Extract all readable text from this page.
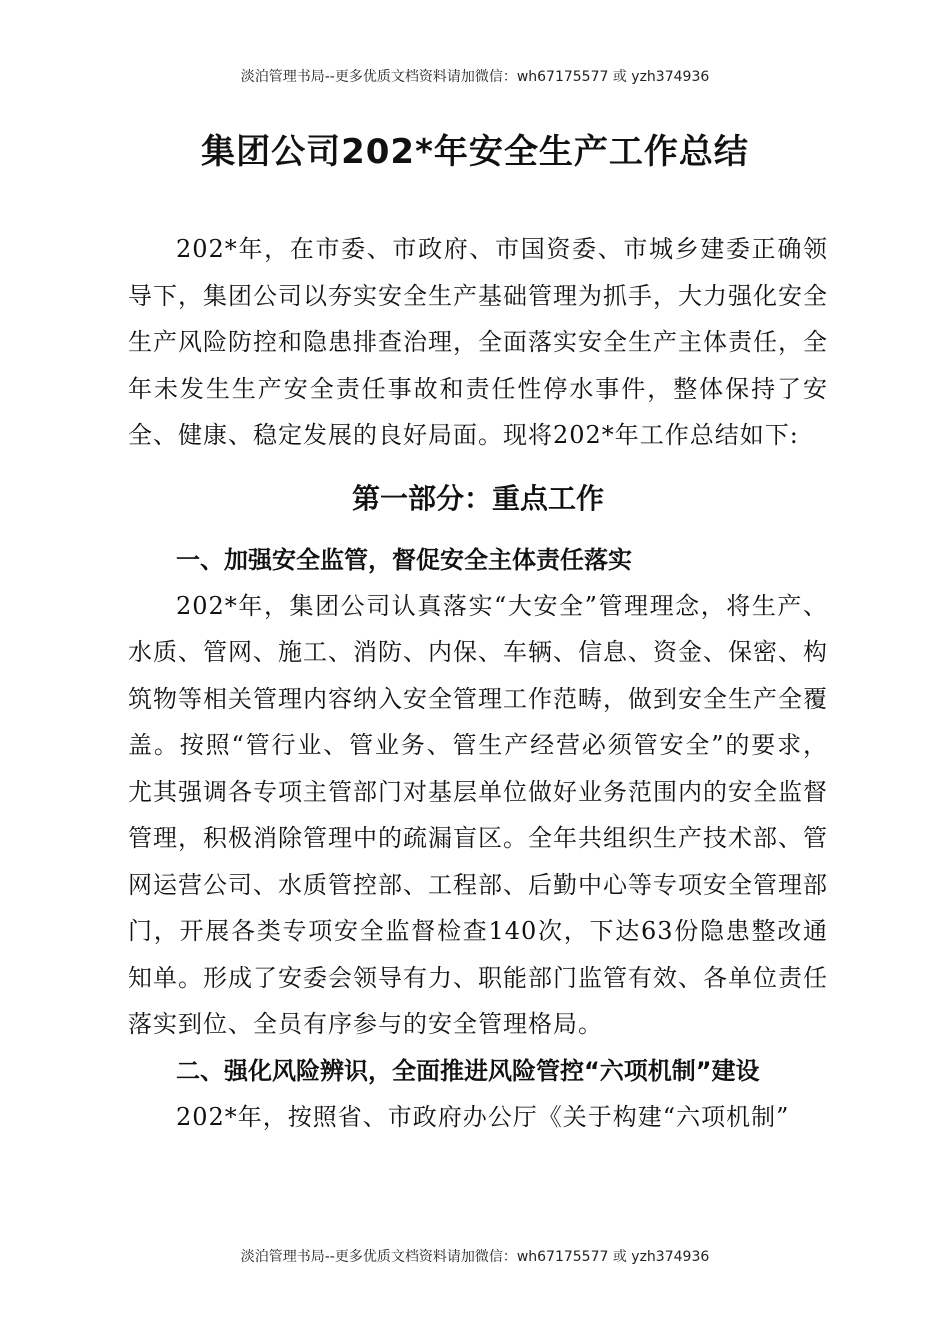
淡泊管理书局--更多优质文档资料请加微信：wh67175577 或 yzh374936
集团公司202*年安全生产工作总结

202*年，在市委、市政府、市国资委、市城乡建委正确领导下，集团公司以夯实安全生产基础管理为抓手，大力强化安全生产风险防控和隐患排查治理，全面落实安全生产主体责任，全年未发生生产安全责任事故和责任性停水事件，整体保持了安全、健康、稳定发展的良好局面。现将202*年工作总结如下:

第一部分：重点工作

一、加强安全监管，督促安全主体责任落实

202*年，集团公司认真落实“大安全”管理理念，将生产、水质、管网、施工、消防、内保、车辆、信息、资金、保密、构筑物等相关管理内容纳入安全管理工作范畴，做到安全生产全覆盖。按照“管行业、管业务、管生产经营必须管安全”的要求，尤其强调各专项主管部门对基层单位做好业务范围内的安全监督管理，积极消除管理中的疏漏盲区。全年共组织生产技术部、管网运营公司、水质管控部、工程部、后勤中心等专项安全管理部门，开展各类专项安全监督检查140次，下达63份隐患整改通知单。形成了安委会领导有力、职能部门监管有效、各单位责任落实到位、全员有序参与的安全管理格局。

二、强化风险辨识，全面推进风险管控“六项机制”建设

202*年，按照省、市政府办公厅《关于构建“六项机制”

淡泊管理书局--更多优质文档资料请加微信：wh67175577 或 yzh374936
